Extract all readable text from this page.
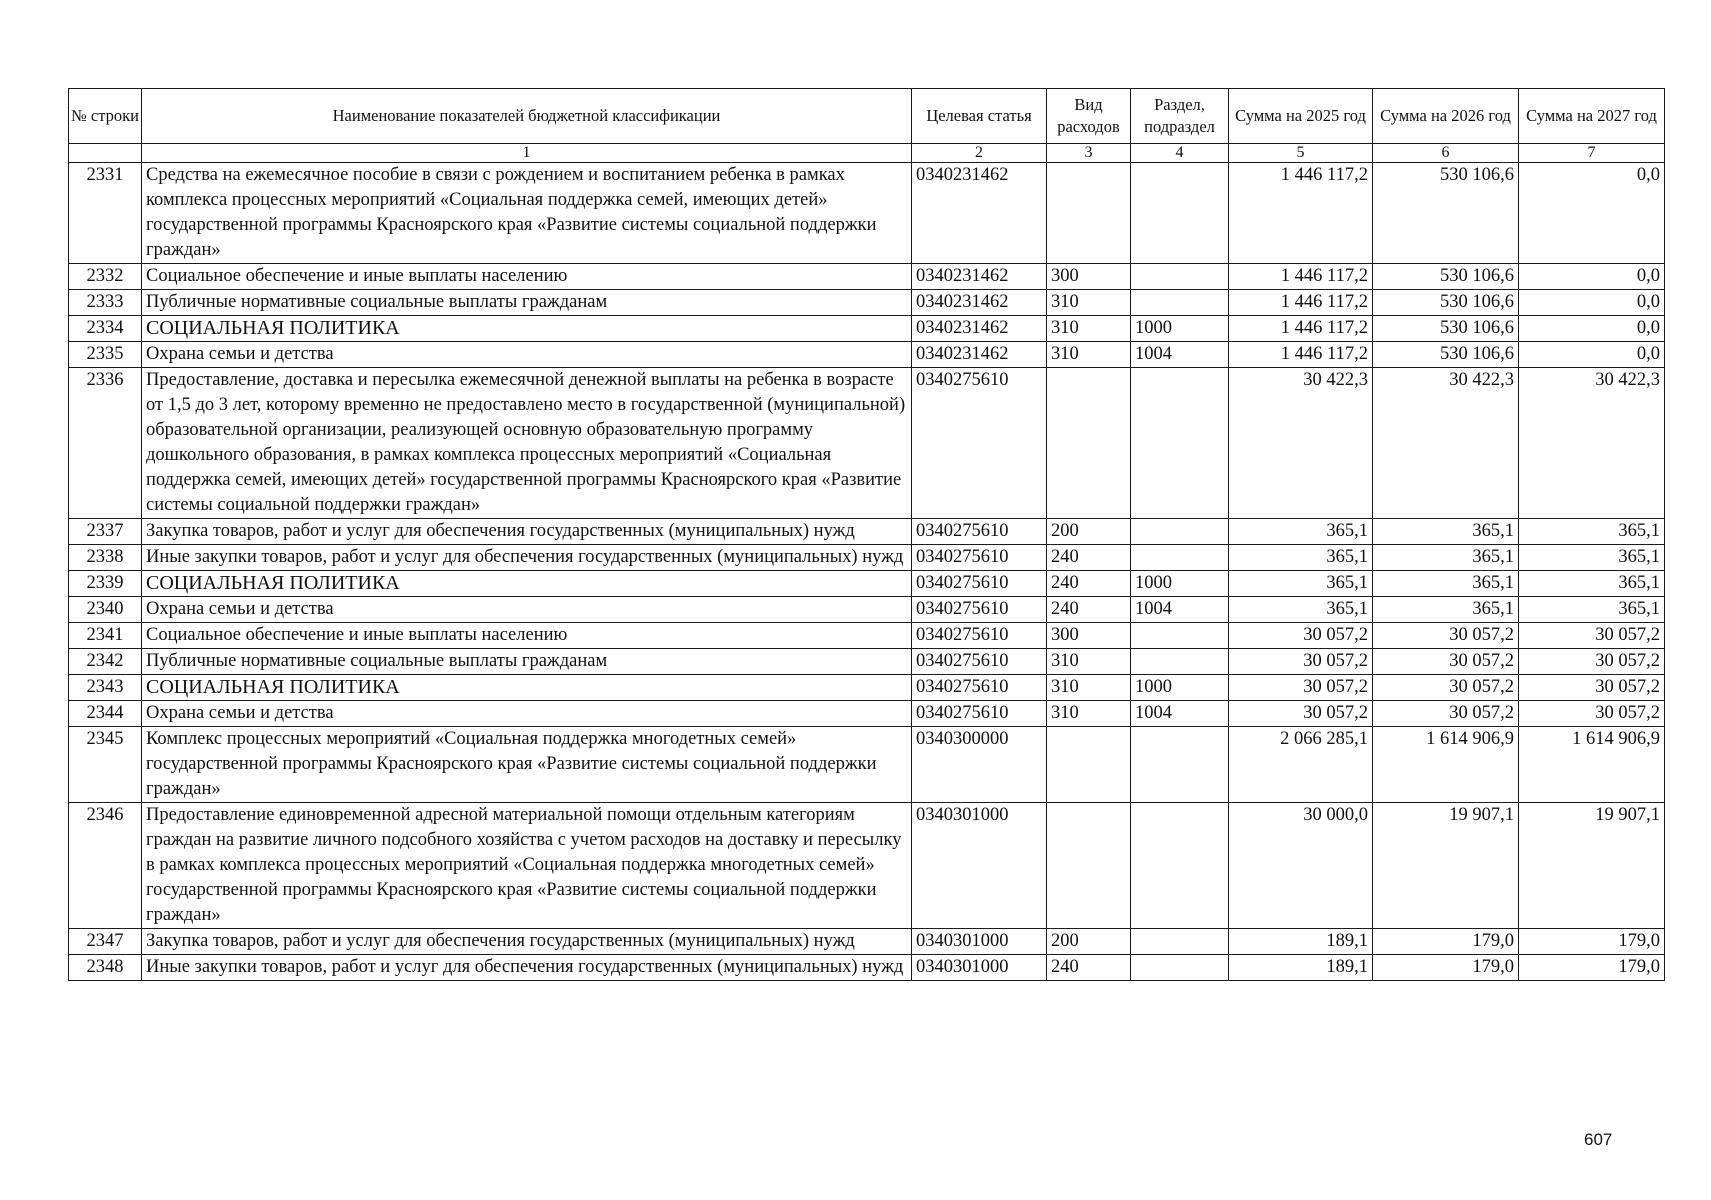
№ строки	Наименование показателей бюджетной классификации	Целевая статья	Вид расходов	Раздел, подраздел	Сумма на 2025 год	Сумма на 2026 год	Сумма на 2027 год
	1	2	3	4	5	6	7
2331	Средства на ежемесячное пособие в связи с рождением и воспитанием ребенка в рамках комплекса процессных мероприятий «Социальная поддержка семей, имеющих детей» государственной программы Красноярского края «Развитие системы социальной поддержки граждан»	0340231462			1 446 117,2	530 106,6	0,0
2332	Социальное обеспечение и иные выплаты населению	0340231462	300		1 446 117,2	530 106,6	0,0
2333	Публичные нормативные социальные выплаты гражданам	0340231462	310		1 446 117,2	530 106,6	0,0
2334	СОЦИАЛЬНАЯ ПОЛИТИКА	0340231462	310	1000	1 446 117,2	530 106,6	0,0
2335	Охрана семьи и детства	0340231462	310	1004	1 446 117,2	530 106,6	0,0
2336	Предоставление, доставка и пересылка ежемесячной денежной выплаты на ребенка в возрасте от 1,5 до 3 лет, которому временно не предоставлено место в государственной (муниципальной) образовательной организации, реализующей основную образовательную программу дошкольного образования, в рамках комплекса процессных мероприятий «Социальная поддержка семей, имеющих детей» государственной программы Красноярского края «Развитие системы социальной поддержки граждан»	0340275610			30 422,3	30 422,3	30 422,3
2337	Закупка товаров, работ и услуг для обеспечения государственных (муниципальных) нужд	0340275610	200		365,1	365,1	365,1
2338	Иные закупки товаров, работ и услуг для обеспечения государственных (муниципальных) нужд	0340275610	240		365,1	365,1	365,1
2339	СОЦИАЛЬНАЯ ПОЛИТИКА	0340275610	240	1000	365,1	365,1	365,1
2340	Охрана семьи и детства	0340275610	240	1004	365,1	365,1	365,1
2341	Социальное обеспечение и иные выплаты населению	0340275610	300		30 057,2	30 057,2	30 057,2
2342	Публичные нормативные социальные выплаты гражданам	0340275610	310		30 057,2	30 057,2	30 057,2
2343	СОЦИАЛЬНАЯ ПОЛИТИКА	0340275610	310	1000	30 057,2	30 057,2	30 057,2
2344	Охрана семьи и детства	0340275610	310	1004	30 057,2	30 057,2	30 057,2
2345	Комплекс процессных мероприятий «Социальная поддержка многодетных семей» государственной программы Красноярского края «Развитие системы социальной поддержки граждан»	0340300000			2 066 285,1	1 614 906,9	1 614 906,9
2346	Предоставление единовременной адресной материальной помощи отдельным категориям граждан на развитие личного подсобного хозяйства с учетом расходов на доставку и пересылку в рамках комплекса процессных мероприятий «Социальная поддержка многодетных семей» государственной программы Красноярского края «Развитие системы социальной поддержки граждан»	0340301000			30 000,0	19 907,1	19 907,1
2347	Закупка товаров, работ и услуг для обеспечения государственных (муниципальных) нужд	0340301000	200		189,1	179,0	179,0
2348	Иные закупки товаров, работ и услуг для обеспечения государственных (муниципальных) нужд	0340301000	240		189,1	179,0	179,0
607
